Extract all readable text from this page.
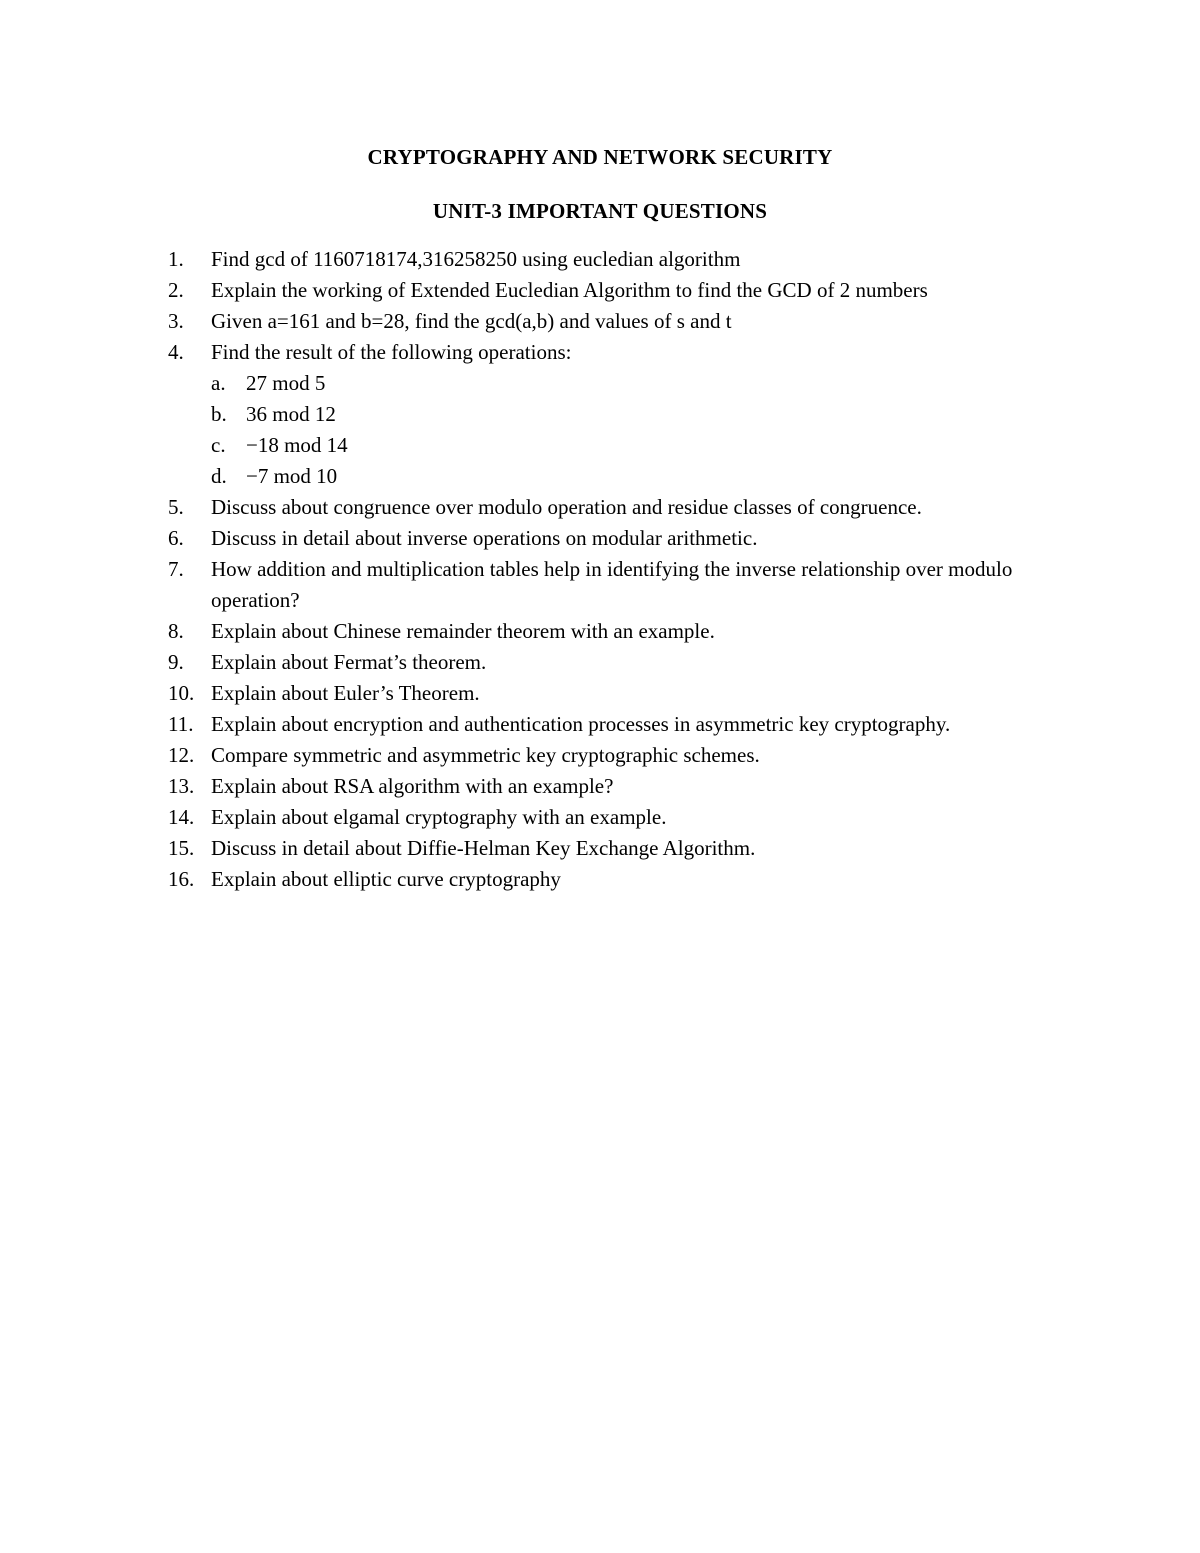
CRYPTOGRAPHY AND NETWORK SECURITY
UNIT-3 IMPORTANT QUESTIONS
1.	Find gcd of 1160718174,316258250 using eucledian algorithm
2.	Explain the working of Extended Eucledian Algorithm to find the GCD of 2 numbers
3.	Given a=161 and b=28, find the gcd(a,b) and values of s and t
4.	Find the result of the following operations:
a. 27 mod 5
b. 36 mod 12
c. −18 mod 14
d. −7 mod 10
5.	Discuss about congruence over modulo operation and residue classes of congruence.
6.	Discuss in detail about inverse operations on modular arithmetic.
7.	How addition and multiplication tables help in identifying the inverse relationship over modulo operation?
8.	Explain about Chinese remainder theorem with an example.
9.	Explain about Fermat’s theorem.
10. Explain about Euler’s Theorem.
11. Explain about encryption and authentication processes in asymmetric key cryptography.
12. Compare symmetric and asymmetric key cryptographic schemes.
13. Explain about RSA algorithm with an example?
14. Explain about elgamal cryptography with an example.
15. Discuss in detail about Diffie-Helman Key Exchange Algorithm.
16. Explain about elliptic curve cryptography
